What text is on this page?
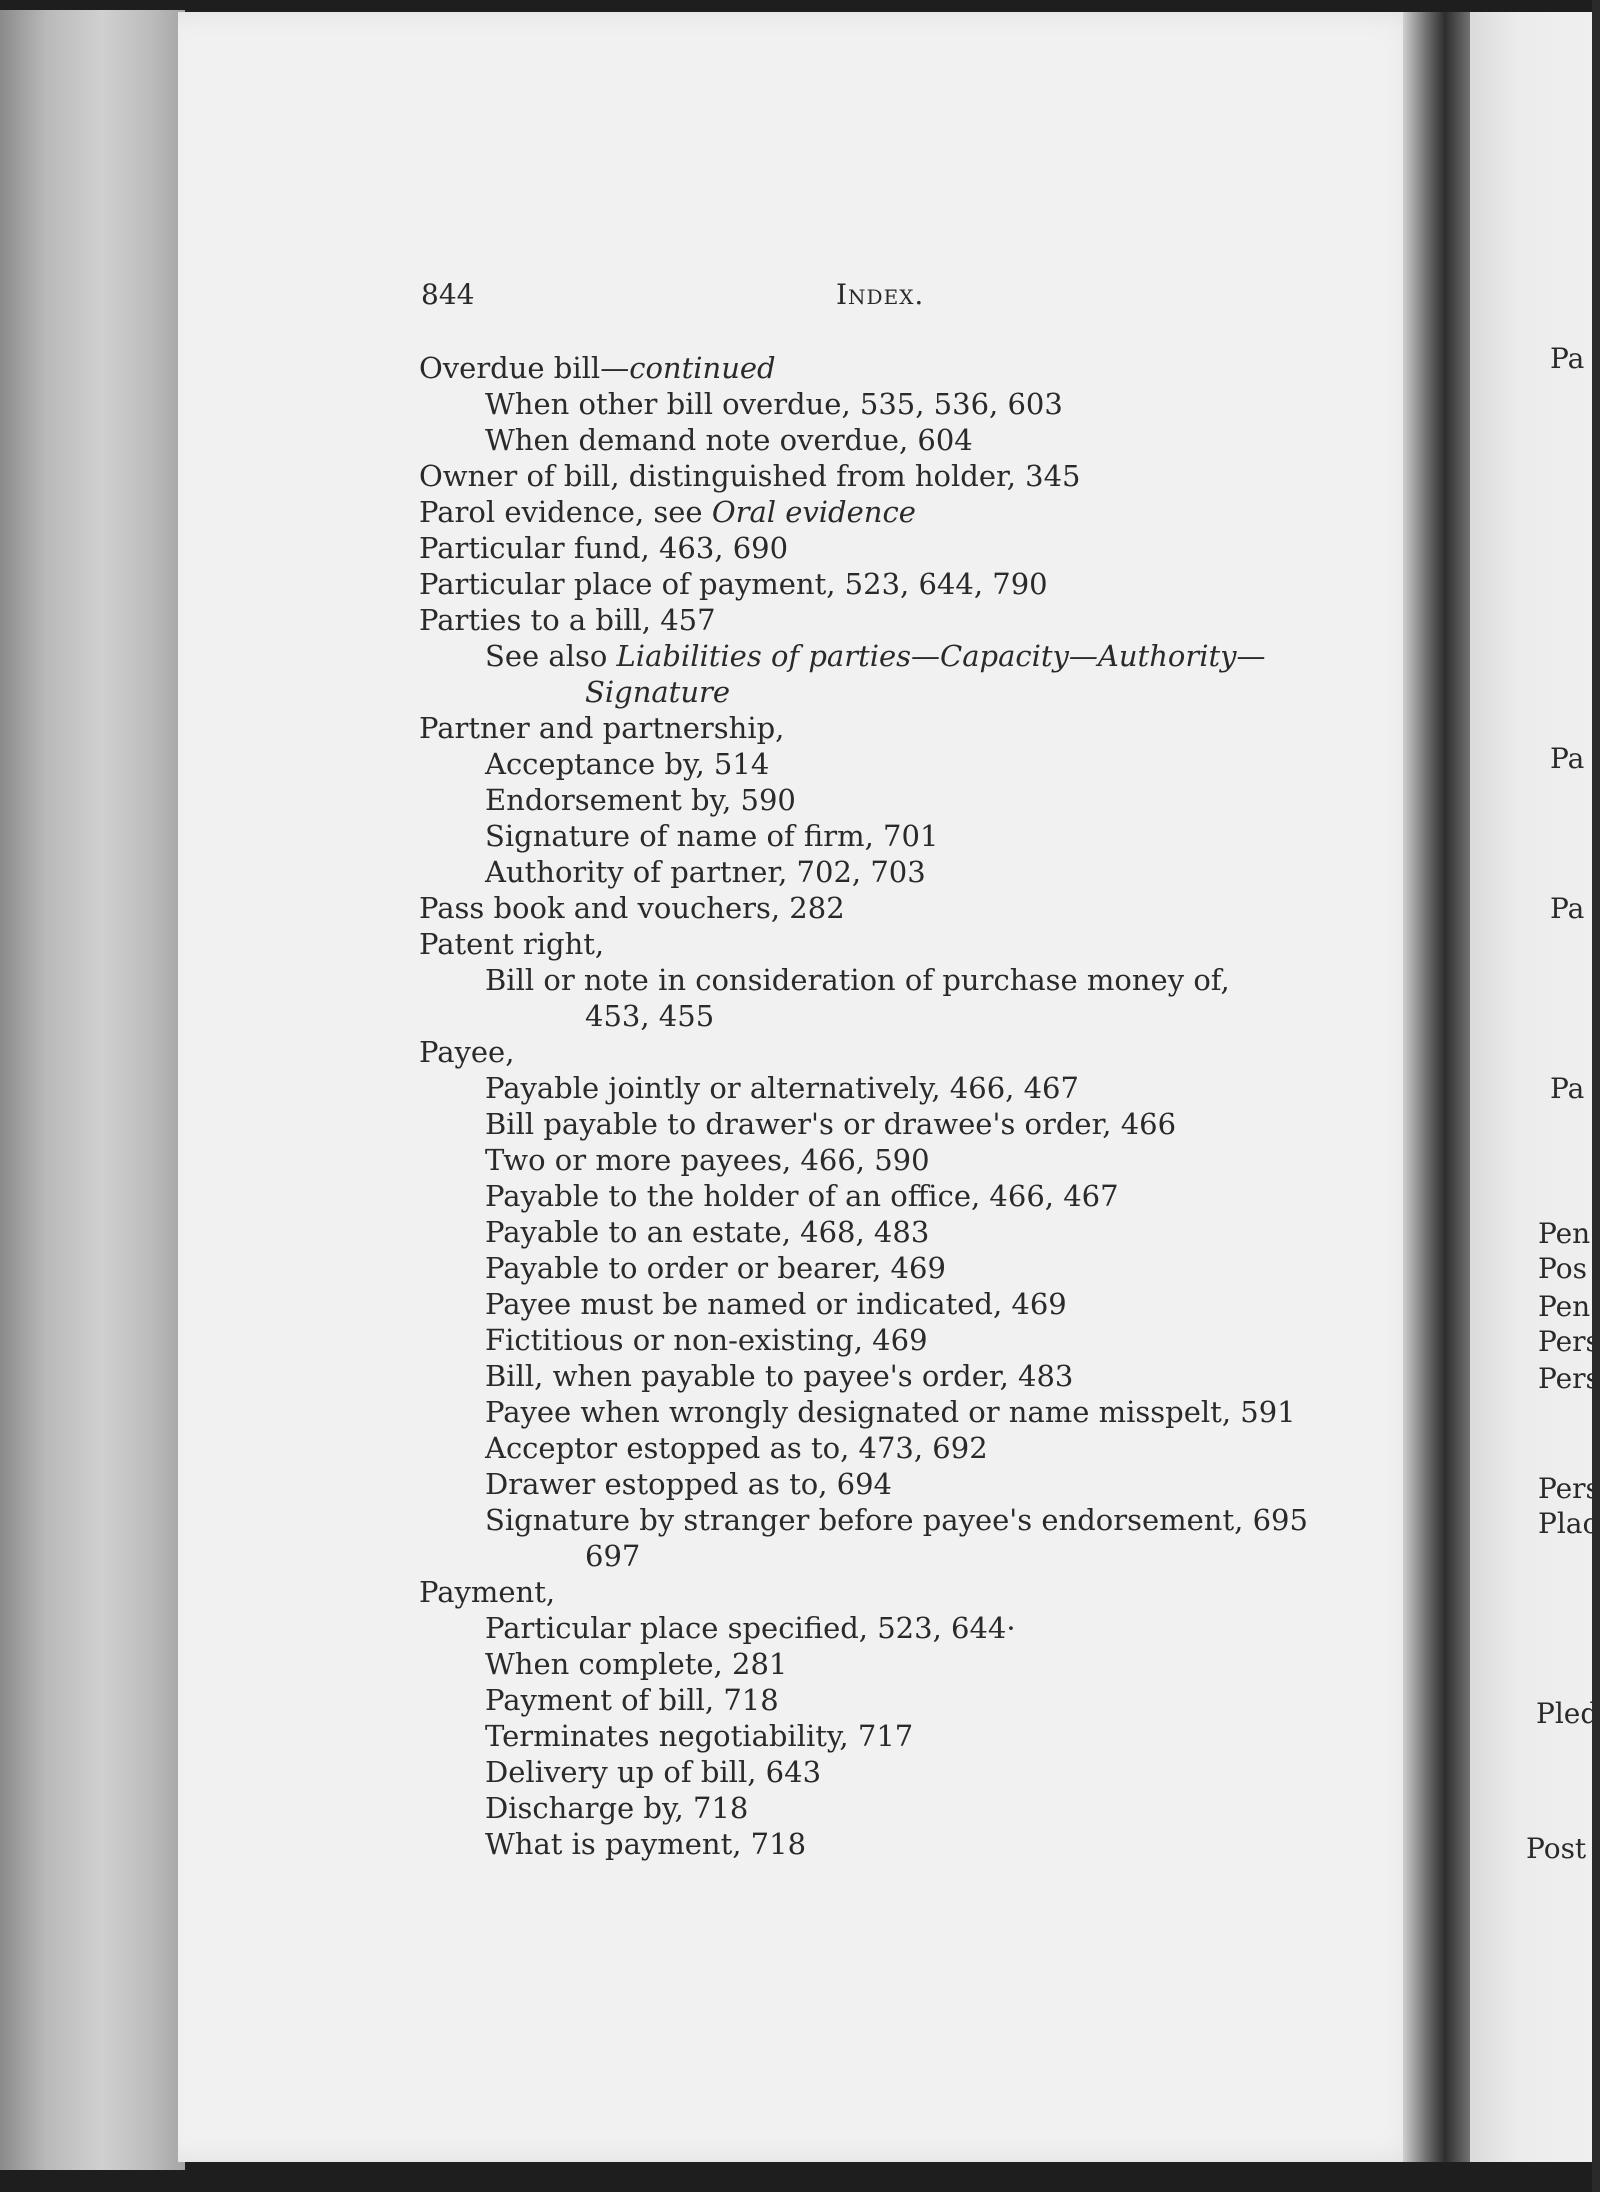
844	Index.
Overdue bill—continued
When other bill overdue, 535, 536, 603
When demand note overdue, 604
Owner of bill, distinguished from holder, 345
Parol evidence, see Oral evidence
Particular fund, 463, 690
Particular place of payment, 523, 644, 790
Parties to a bill, 457
See also Liabilities of parties—Capacity—Authority—
Signature
Partner and partnership,
Acceptance by, 514
Endorsement by, 590
Signature of name of firm, 701
Authority of partner, 702, 703
Pass book and vouchers, 282
Patent right,
Bill or note in consideration of purchase money of,
453, 455
Payee,
Payable jointly or alternatively, 466, 467
Bill payable to drawer's or drawee's order, 466
Two or more payees, 466, 590
Payable to the holder of an office, 466, 467
Payable to an estate, 468, 483
Payable to order or bearer, 469
Payee must be named or indicated, 469
Fictitious or non-existing, 469
Bill, when payable to payee's order, 483
Payee when wrongly designated or name misspelt, 591
Acceptor estopped as to, 473, 692
Drawer estopped as to, 694
Signature by stranger before payee's endorsement, 695
697
Payment,
Particular place specified, 523, 644·
When complete, 281
Payment of bill, 718
Terminates negotiability, 717
Delivery up of bill, 643
Discharge by, 718
What is payment, 718
Pa
Pa
Pa
Pa
Pen
Pos
Pen
Pers
Pers
Pers
Plac
Pled
Post
